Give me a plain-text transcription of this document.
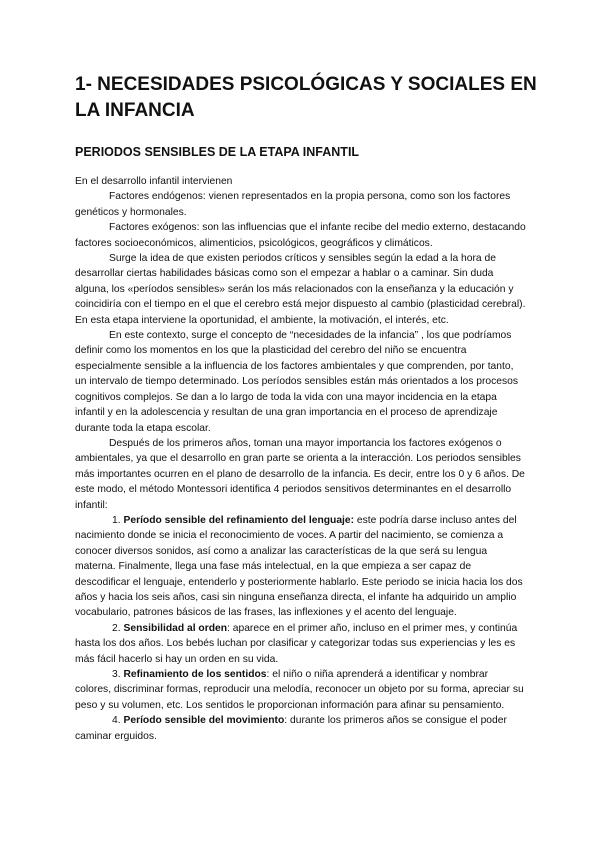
1- NECESIDADES PSICOLÓGICAS Y SOCIALES EN LA INFANCIA
PERIODOS SENSIBLES DE LA ETAPA INFANTIL

En el desarrollo infantil intervienen

Factores endógenos: vienen representados en la propia persona, como son los factores genéticos y hormonales.

Factores exógenos: son las influencias que el infante recibe del medio externo, destacando factores socioeconómicos, alimenticios, psicológicos, geográficos y climáticos.

Surge la idea de que existen periodos críticos y sensibles según la edad a la hora de desarrollar ciertas habilidades básicas como son el empezar a hablar o a caminar. Sin duda alguna, los «períodos sensibles» serán los más relacionados con la enseñanza y la educación y coincidiría con el tiempo en el que el cerebro está mejor dispuesto al cambio (plasticidad cerebral). En esta etapa interviene la oportunidad, el ambiente, la motivación, el interés, etc.

En este contexto, surge el concepto de “necesidades de la infancia” , los que podríamos definir como los momentos en los que la plasticidad del cerebro del niño se encuentra especialmente sensible a la influencia de los factores ambientales y que comprenden, por tanto, un intervalo de tiempo determinado. Los períodos sensibles están más orientados a los procesos cognitivos complejos. Se dan a lo largo de toda la vida con una mayor incidencia en la etapa infantil y en la adolescencia y resultan de una gran importancia en el proceso de aprendizaje durante toda la etapa escolar.

Después de los primeros años, toman una mayor importancia los factores exógenos o ambientales, ya que el desarrollo en gran parte se orienta a la interacción. Los periodos sensibles más importantes ocurren en el plano de desarrollo de la infancia. Es decir, entre los 0 y 6 años. De este modo, el método Montessori identifica 4 periodos sensitivos determinantes en el desarrollo infantil:

1. Período sensible del refinamiento del lenguaje: este podría darse incluso antes del nacimiento donde se inicia el reconocimiento de voces. A partir del nacimiento, se comienza a conocer diversos sonidos, así como a analizar las características de la que será su lengua materna. Finalmente, llega una fase más intelectual, en la que empieza a ser capaz de descodificar el lenguaje, entenderlo y posteriormente hablarlo. Este periodo se inicia hacia los dos años y hacia los seis años, casi sin ninguna enseñanza directa, el infante ha adquirido un amplio vocabulario, patrones básicos de las frases, las inflexiones y el acento del lenguaje.

2. Sensibilidad al orden: aparece en el primer año, incluso en el primer mes, y continúa hasta los dos años. Los bebés luchan por clasificar y categorizar todas sus experiencias y les es más fácil hacerlo si hay un orden en su vida.

3. Refinamiento de los sentidos: el niño o niña aprenderá a identificar y nombrar colores, discriminar formas, reproducir una melodía, reconocer un objeto por su forma, apreciar su peso y su volumen, etc. Los sentidos le proporcionan información para afinar su pensamiento.

4. Período sensible del movimiento: durante los primeros años se consigue el poder caminar erguidos.
